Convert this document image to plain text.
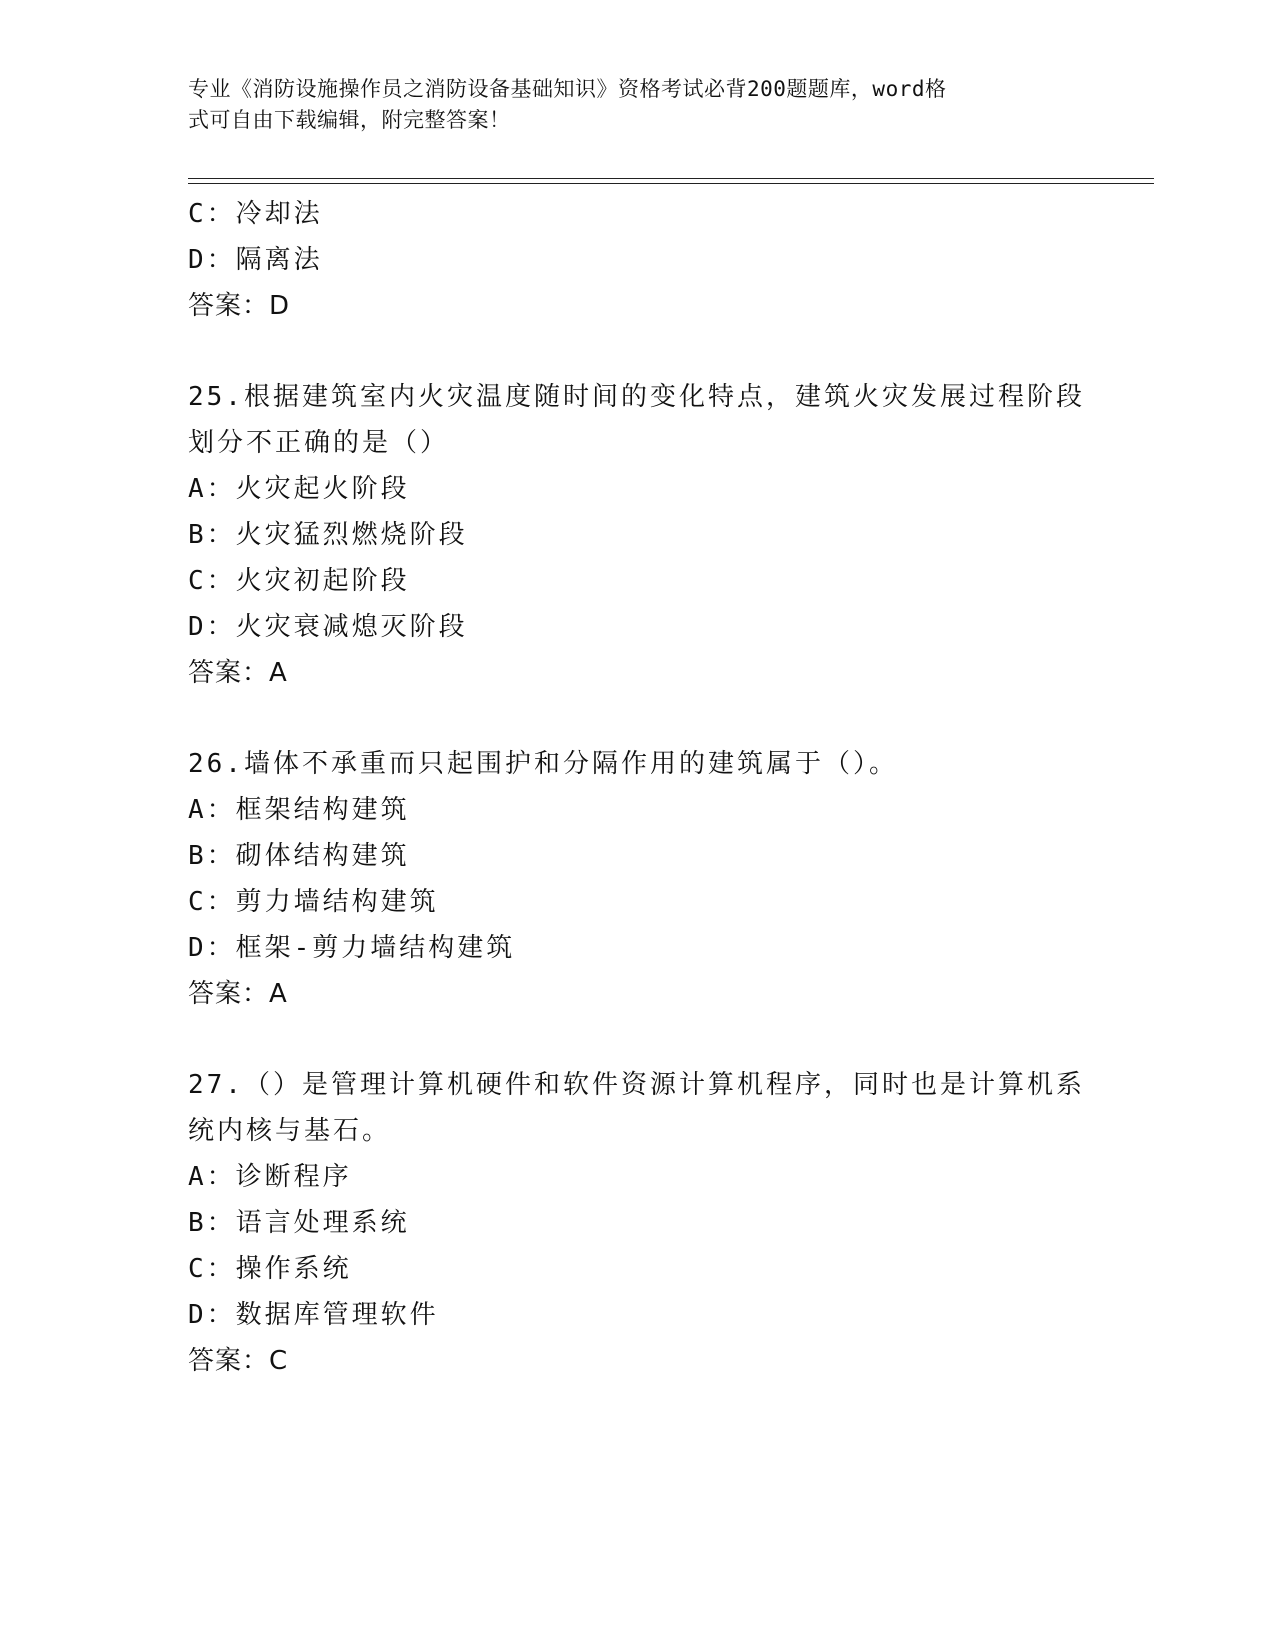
专业《消防设施操作员之消防设备基础知识》资格考试必背200题题库，word格
式可自由下载编辑，附完整答案！
C：冷却法
D：隔离法
答案：D
25.根据建筑室内火灾温度随时间的变化特点，建筑火灾发展过程阶段
划分不正确的是（）
A：火灾起火阶段
B：火灾猛烈燃烧阶段
C：火灾初起阶段
D：火灾衰减熄灭阶段
答案：A
26.墙体不承重而只起围护和分隔作用的建筑属于（）。
A：框架结构建筑
B：砌体结构建筑
C：剪力墙结构建筑
D：框架-剪力墙结构建筑
答案：A
27.（）是管理计算机硬件和软件资源计算机程序，同时也是计算机系
统内核与基石。
A：诊断程序
B：语言处理系统
C：操作系统
D：数据库管理软件
答案：C
